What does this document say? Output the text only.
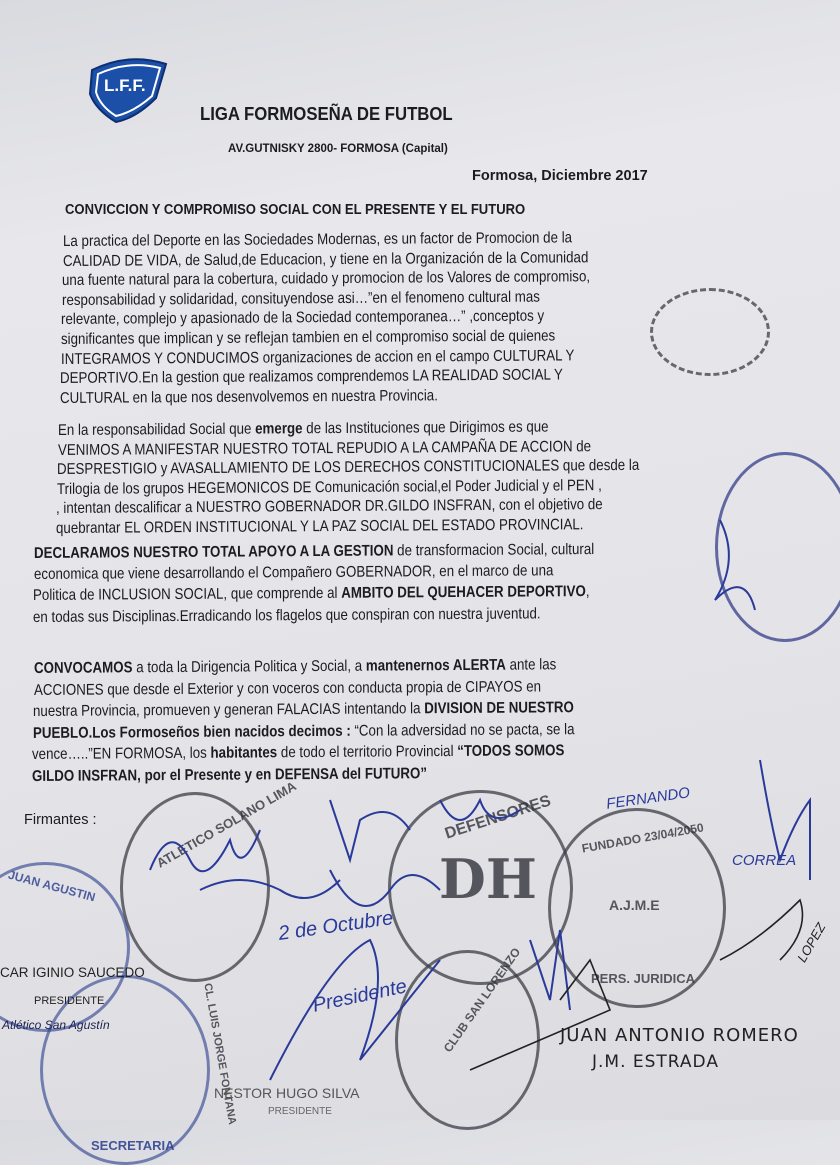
L.F.F.
LIGA FORMOSEÑA DE FUTBOL
AV.GUTNISKY 2800- FORMOSA (Capital)
Formosa, Diciembre 2017
CONVICCION Y COMPROMISO SOCIAL CON EL PRESENTE Y EL FUTURO
La practica del Deporte en las Sociedades Modernas, es un factor de Promocion de la
CALIDAD DE VIDA, de Salud,de Educacion, y tiene en la Organización de la Comunidad
una fuente natural para la cobertura, cuidado y promocion de los Valores de compromiso,
responsabilidad y solidaridad, consituyendose asi…”en el fenomeno cultural mas
relevante, complejo y apasionado de la Sociedad contemporanea…” ,conceptos y
significantes que implican y se reflejan tambien en el compromiso social de quienes
INTEGRAMOS Y CONDUCIMOS organizaciones de accion en el campo CULTURAL Y
DEPORTIVO.En la gestion que realizamos comprendemos LA REALIDAD SOCIAL Y
CULTURAL en la que nos desenvolvemos en nuestra Provincia.
En la responsabilidad Social que emerge de las Instituciones que Dirigimos es que
VENIMOS A MANIFESTAR NUESTRO TOTAL REPUDIO A LA CAMPAÑA DE ACCION de
DESPRESTIGIO y AVASALLAMIENTO DE LOS DERECHOS CONSTITUCIONALES que desde la
Trilogia de los grupos HEGEMONICOS DE Comunicación social,el Poder Judicial y el PEN ,
, intentan descalificar a NUESTRO GOBERNADOR DR.GILDO INSFRAN, con el objetivo de
quebrantar EL ORDEN INSTITUCIONAL Y LA PAZ SOCIAL DEL ESTADO PROVINCIAL.
DECLARAMOS NUESTRO TOTAL APOYO A LA GESTION de transformacion Social, cultural
economica que viene desarrollando el Compañero GOBERNADOR, en el marco de una
Politica de INCLUSION SOCIAL, que comprende al AMBITO DEL QUEHACER DEPORTIVO,
en todas sus Disciplinas.Erradicando los flagelos que conspiran con nuestra juventud.
CONVOCAMOS a toda la Dirigencia Politica y Social, a mantenernos ALERTA ante las
ACCIONES que desde el Exterior y con voceros con conducta propia de CIPAYOS en
nuestra Provincia, promueven y generan FALACIAS intentando la DIVISION DE NUESTRO
PUEBLO.Los Formoseños bien nacidos decimos : “Con la adversidad no se pacta, se la
vence…..”EN FORMOSA, los habitantes de todo el territorio Provincial “TODOS SOMOS
GILDO INSFRAN, por el Presente y en DEFENSA del FUTURO”
Firmantes :	ATLETICO SOLANO LIMA	DEFENSORES
DH
FUNDADO 23/04/2050
A.J.M.E
PERS. JURIDICA
CLUB SAN LORENZO
JUAN AGUSTIN
SECRETARIA
CL. LUIS JORGE FONTANA
2 de Octubre
Presidente
FERNANDO
CORREA
LOPEZ
CAR IGINIO SAUCEDO
PRESIDENTE
Atlético San Agustín
NESTOR HUGO SILVA
PRESIDENTE
JUAN ANTONIO ROMERO
J.M. ESTRADA
